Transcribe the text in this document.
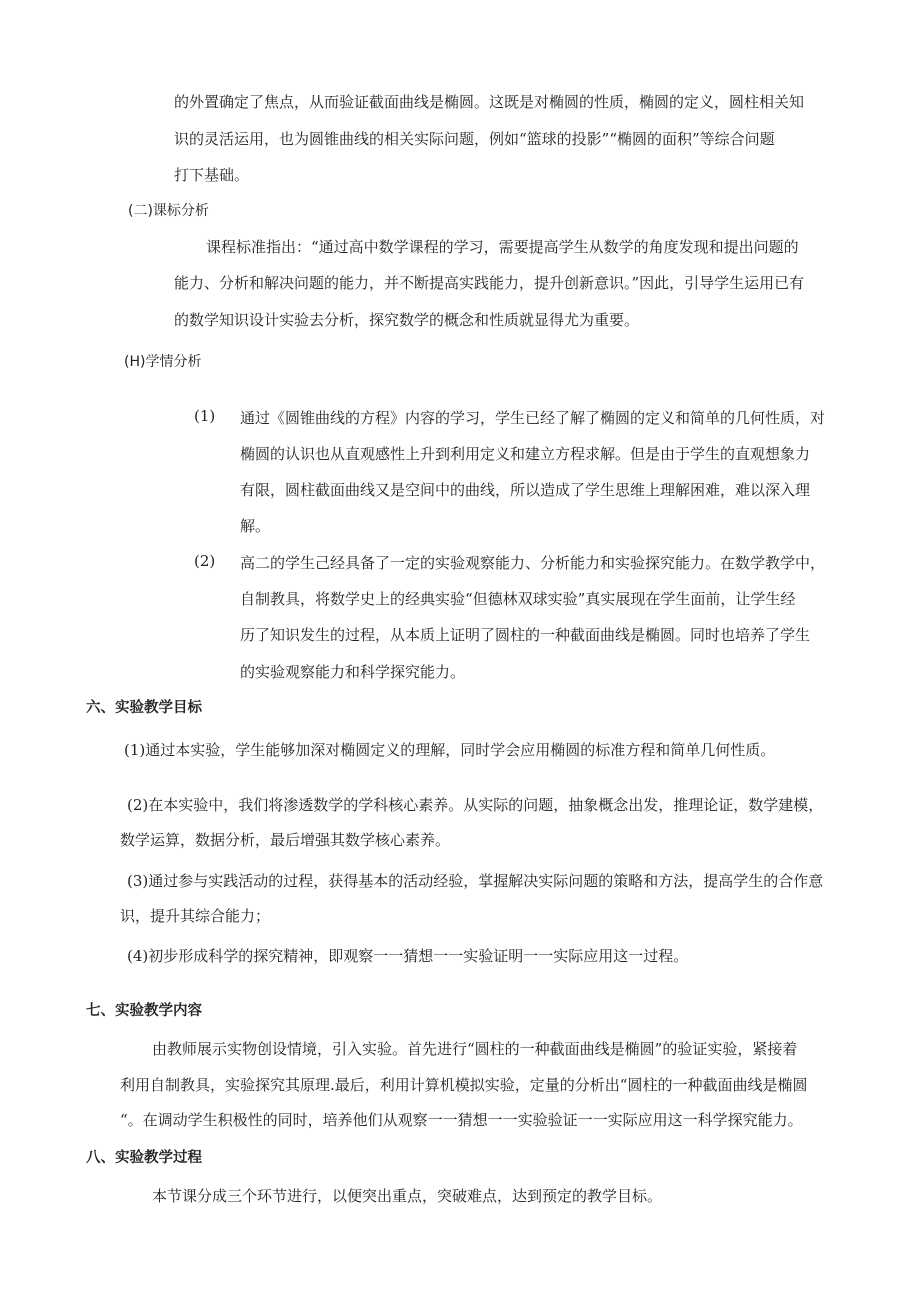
的外置确定了焦点，从而验证截面曲线是椭圆。这既是对椭圆的性质，椭圆的定义，圆柱相关知
识的灵活运用，也为圆锥曲线的相关实际问题，例如“篮球的投影”“椭圆的面积”等综合问题
打下基础。
(二)课标分析
课程标准指出：“通过高中数学课程的学习，需要提高学生从数学的角度发现和提出问题的
能力、分析和解决问题的能力，并不断提高实践能力，提升创新意识。”因此，引导学生运用已有
的数学知识设计实验去分析，探究数学的概念和性质就显得尤为重要。
(H)学情分析
(1) 通过《圆锥曲线的方程》内容的学习，学生已经了解了椭圆的定义和简单的几何性质，对
椭圆的认识也从直观感性上升到利用定义和建立方程求解。但是由于学生的直观想象力
有限，圆柱截面曲线又是空间中的曲线，所以造成了学生思维上理解困难，难以深入理
解。
(2) 高二的学生己经具备了一定的实验观察能力、分析能力和实验探究能力。在数学教学中，
自制教具，将数学史上的经典实验“但德林双球实验”真实展现在学生面前，让学生经
历了知识发生的过程，从本质上证明了圆柱的一种截面曲线是椭圆。同时也培养了学生
的实验观察能力和科学探究能力。
六、实验教学目标
(1)通过本实验，学生能够加深对椭圆定义的理解，同时学会应用椭圆的标准方程和简单几何性质。
(2)在本实验中，我们将渗透数学的学科核心素养。从实际的问题，抽象概念出发，推理论证，数学建模，
数学运算，数据分析，最后增强其数学核心素养。
(3)通过参与实践活动的过程，获得基本的活动经验，掌握解决实际问题的策略和方法，提高学生的合作意
识，提升其综合能力；
(4)初步形成科学的探究精神，即观察一一猜想一一实验证明一一实际应用这一过程。
七、实验教学内容
由教师展示实物创设情境，引入实验。首先进行“圆柱的一种截面曲线是椭圆”的验证实验，紧接着
利用自制教具，实验探究其原理.最后，利用计算机模拟实验，定量的分析出“圆柱的一种截面曲线是椭圆
“。在调动学生积极性的同时，培养他们从观察一一猜想一一实验验证一一实际应用这一科学探究能力。
八、实验教学过程
本节课分成三个环节进行，以便突出重点，突破难点，达到预定的教学目标。
